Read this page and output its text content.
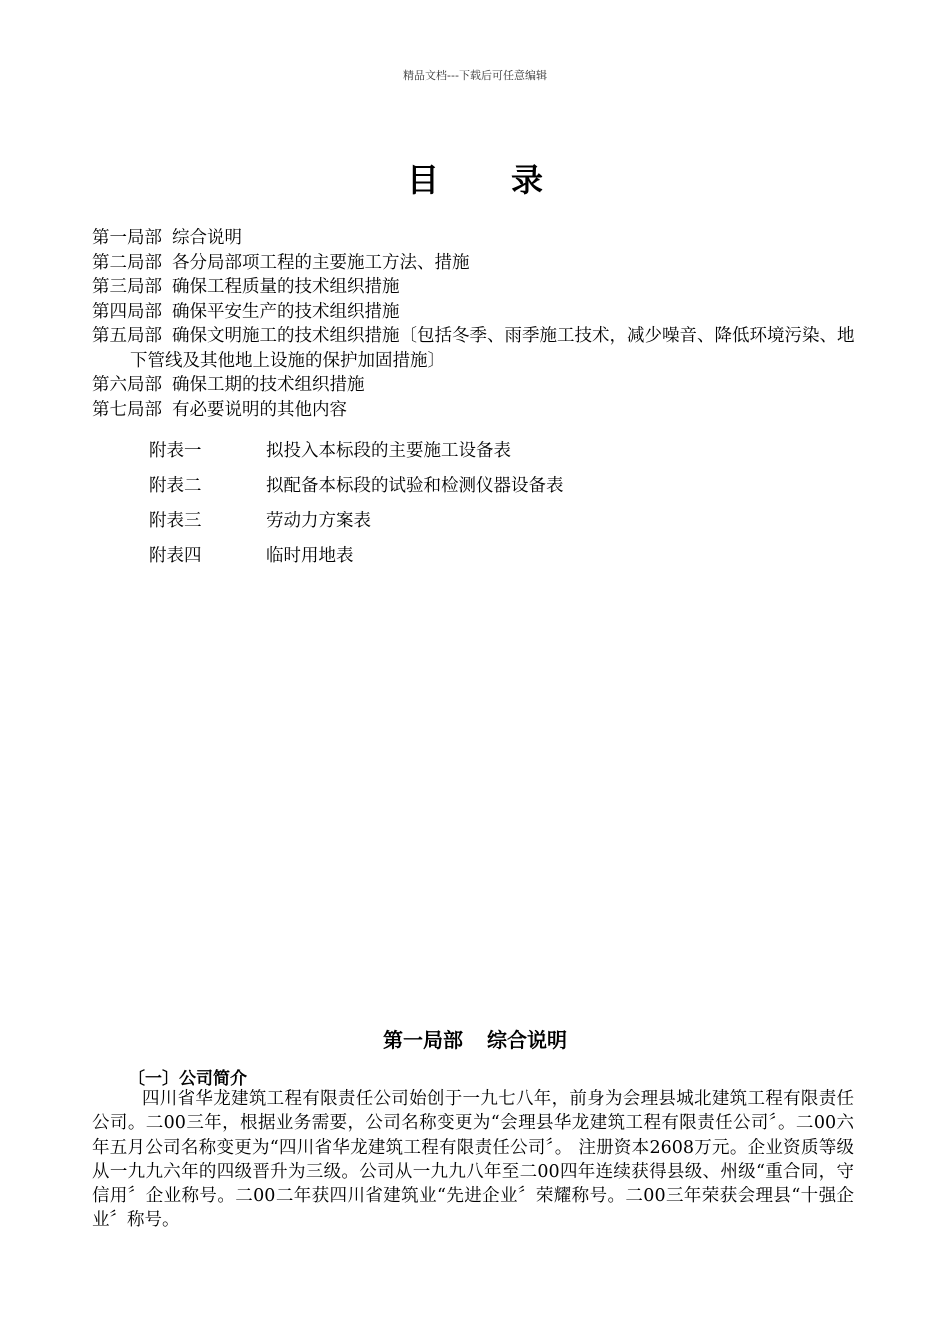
精品文档---下载后可任意编辑
目录
第一局部 综合说明
第二局部 各分局部项工程的主要施工方法、措施
第三局部 确保工程质量的技术组织措施
第四局部 确保平安生产的技术组织措施
第五局部 确保文明施工的技术组织措施〔包括冬季、雨季施工技术，减少噪音、降低环境污染、地下管线及其他地上设施的保护加固措施〕
第六局部 确保工期的技术组织措施
第七局部 有必要说明的其他内容
附表一	拟投入本标段的主要施工设备表
附表二	拟配备本标段的试验和检测仪器设备表
附表三	劳动力方案表
附表四	临时用地表
第一局部 综合说明
〔一〕公司简介
四川省华龙建筑工程有限责任公司始创于一九七八年，前身为会理县城北建筑工程有限责任公司。二00三年，根据业务需要，公司名称变更为“会理县华龙建筑工程有限责任公司〞。二00六年五月公司名称变更为“四川省华龙建筑工程有限责任公司〞。 注册资本2608万元。企业资质等级从一九九六年的四级晋升为三级。公司从一九九八年至二00四年连续获得县级、州级“重合同，守信用〞企业称号。二00二年获四川省建筑业“先进企业〞荣耀称号。二00三年荣获会理县“十强企业〞称号。
